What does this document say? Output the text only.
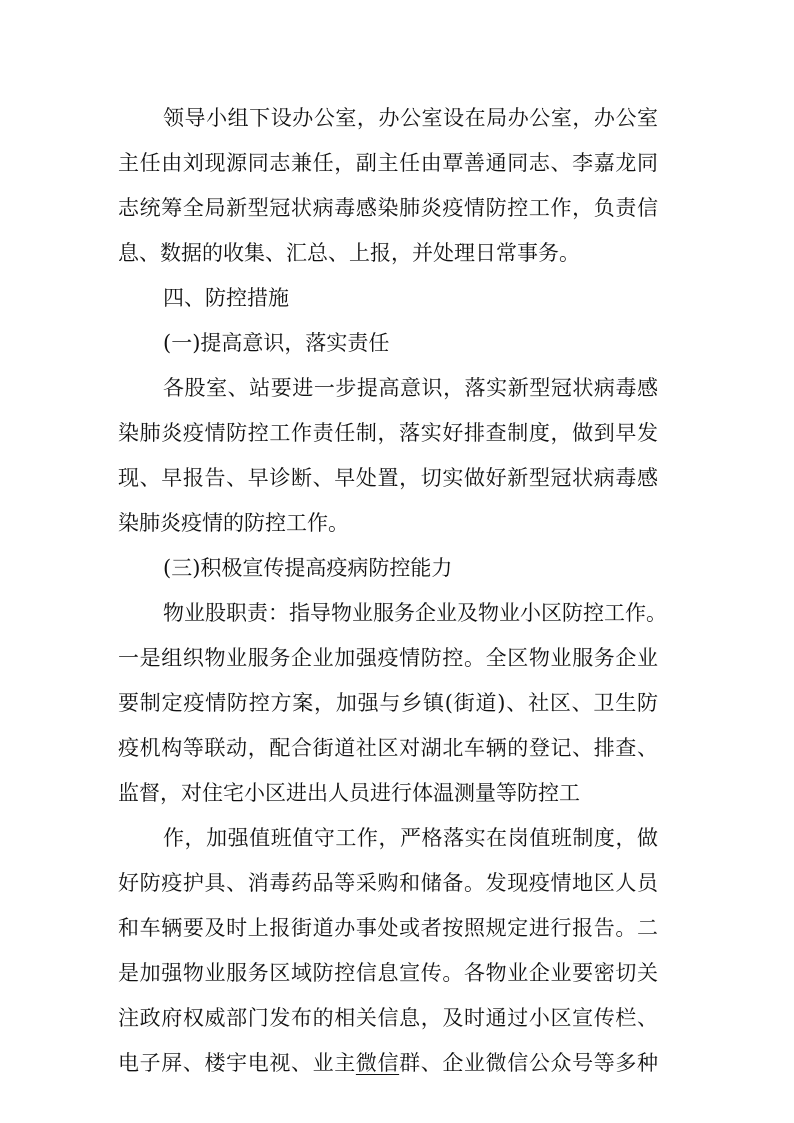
领导小组下设办公室，办公室设在局办公室，办公室

主任由刘现源同志兼任，副主任由覃善通同志、李嘉龙同

志统筹全局新型冠状病毒感染肺炎疫情防控工作，负责信

息、数据的收集、汇总、上报，并处理日常事务。

四、防控措施

(一)提高意识，落实责任

各股室、站要进一步提高意识，落实新型冠状病毒感

染肺炎疫情防控工作责任制，落实好排查制度，做到早发

现、早报告、早诊断、早处置，切实做好新型冠状病毒感

染肺炎疫情的防控工作。

(三)积极宣传提高疫病防控能力

物业股职责：指导物业服务企业及物业小区防控工作。

一是组织物业服务企业加强疫情防控。全区物业服务企业

要制定疫情防控方案，加强与乡镇(街道)、社区、卫生防

疫机构等联动，配合街道社区对湖北车辆的登记、排查、

监督，对住宅小区进出人员进行体温测量等防控工

作，加强值班值守工作，严格落实在岗值班制度，做

好防疫护具、消毒药品等采购和储备。发现疫情地区人员

和车辆要及时上报街道办事处或者按照规定进行报告。二

是加强物业服务区域防控信息宣传。各物业企业要密切关

注政府权威部门发布的相关信息，及时通过小区宣传栏、

电子屏、楼宇电视、业主微信群、企业微信公众号等多种
